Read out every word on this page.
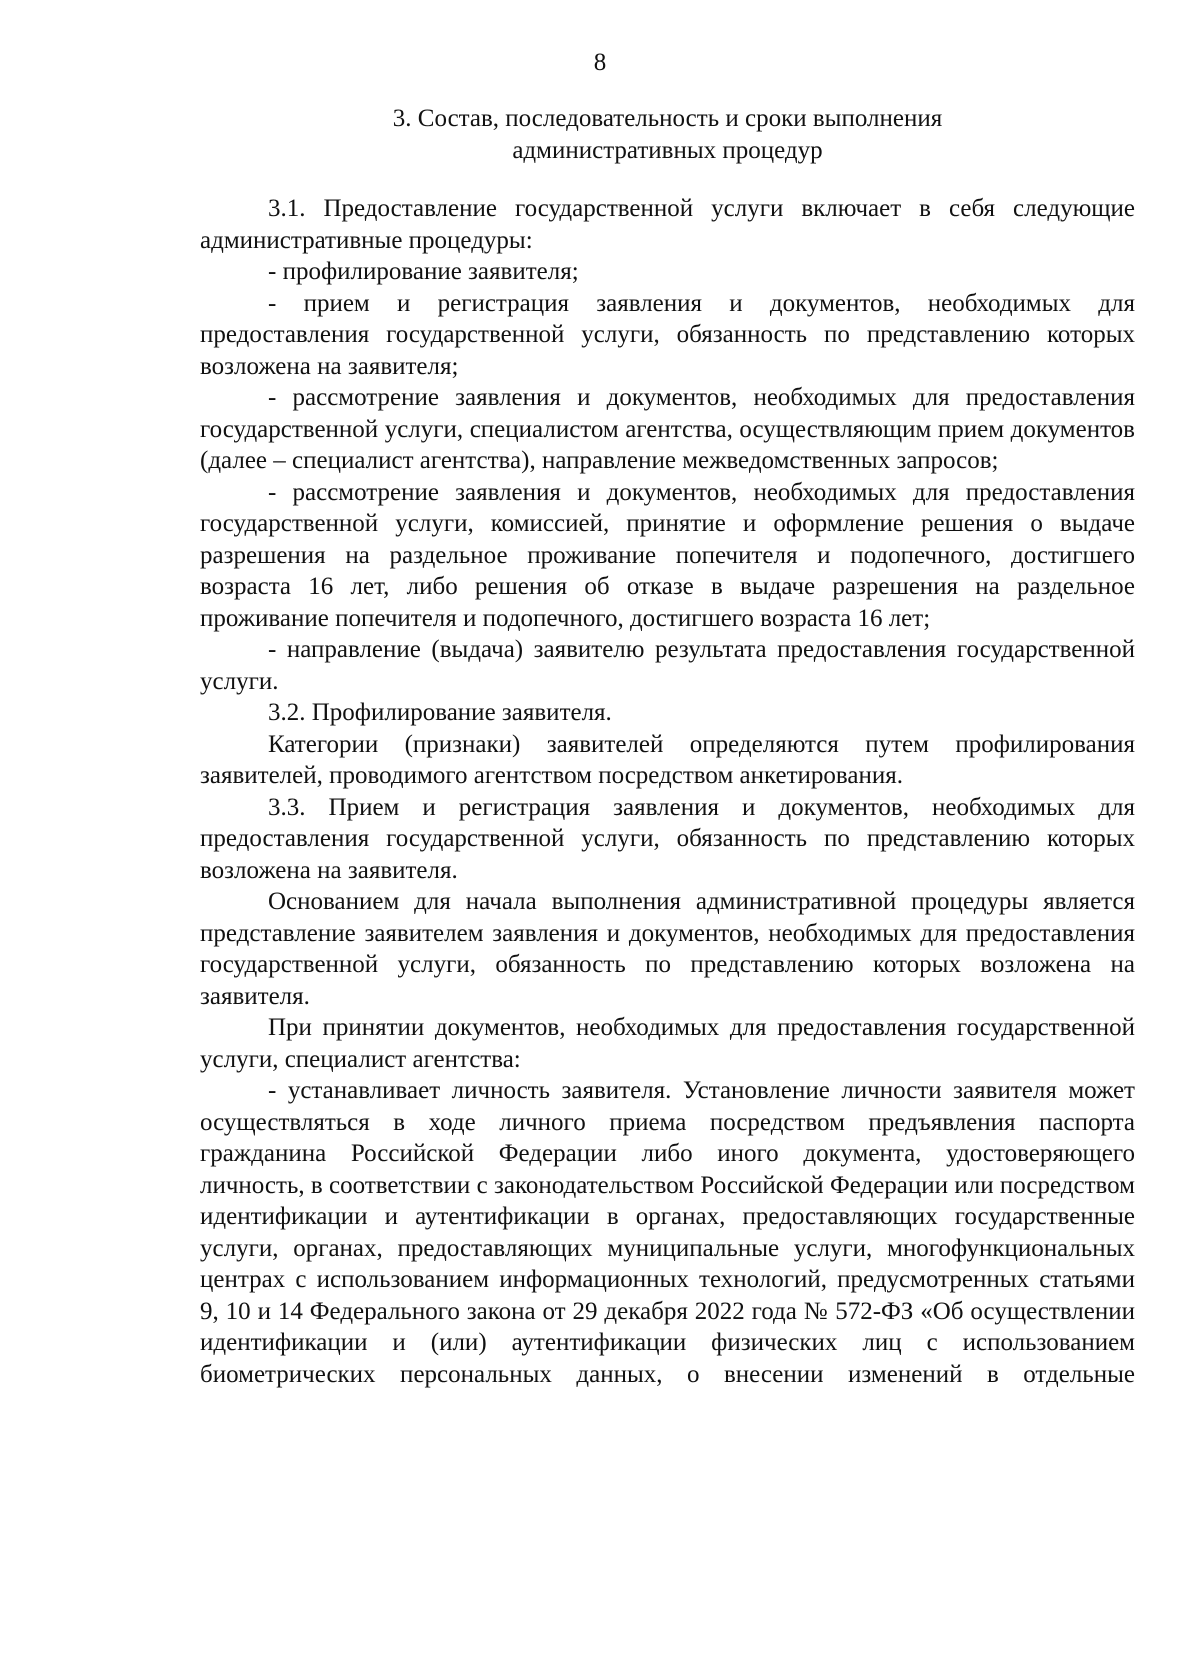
8
3. Состав, последовательность и сроки выполнения
административных процедур

3.1. Предоставление государственной услуги включает в себя следующие административные процедуры:

- профилирование заявителя;

- прием и регистрация заявления и документов, необходимых для предоставления государственной услуги, обязанность по представлению которых возложена на заявителя;

- рассмотрение заявления и документов, необходимых для предоставления государственной услуги, специалистом агентства, осуществляющим прием документов (далее – специалист агентства), направление межведомственных запросов;

- рассмотрение заявления и документов, необходимых для предоставления государственной услуги, комиссией, принятие и оформление решения о выдаче разрешения на раздельное проживание попечителя и подопечного, достигшего возраста 16 лет, либо решения об отказе в выдаче разрешения на раздельное проживание попечителя и подопечного, достигшего возраста 16 лет;

- направление (выдача) заявителю результата предоставления государственной услуги.

3.2. Профилирование заявителя.

Категории (признаки) заявителей определяются путем профилирования заявителей, проводимого агентством посредством анкетирования.

3.3. Прием и регистрация заявления и документов, необходимых для предоставления государственной услуги, обязанность по представлению которых возложена на заявителя.

Основанием для начала выполнения административной процедуры является представление заявителем заявления и документов, необходимых для предоставления государственной услуги, обязанность по представлению которых возложена на заявителя.

При принятии документов, необходимых для предоставления государственной услуги, специалист агентства:

- устанавливает личность заявителя. Установление личности заявителя может осуществляться в ходе личного приема посредством предъявления паспорта гражданина Российской Федерации либо иного документа, удостоверяющего личность, в соответствии с законодательством Российской Федерации или посредством идентификации и аутентификации в органах, предоставляющих государственные услуги, органах, предоставляющих муниципальные услуги, многофункциональных центрах с использованием информационных технологий, предусмотренных статьями 9, 10 и 14 Федерального закона от 29 декабря 2022 года № 572-ФЗ «Об осуществлении идентификации и (или) аутентификации физических лиц с использованием биометрических персональных данных, о внесении изменений в отдельные
